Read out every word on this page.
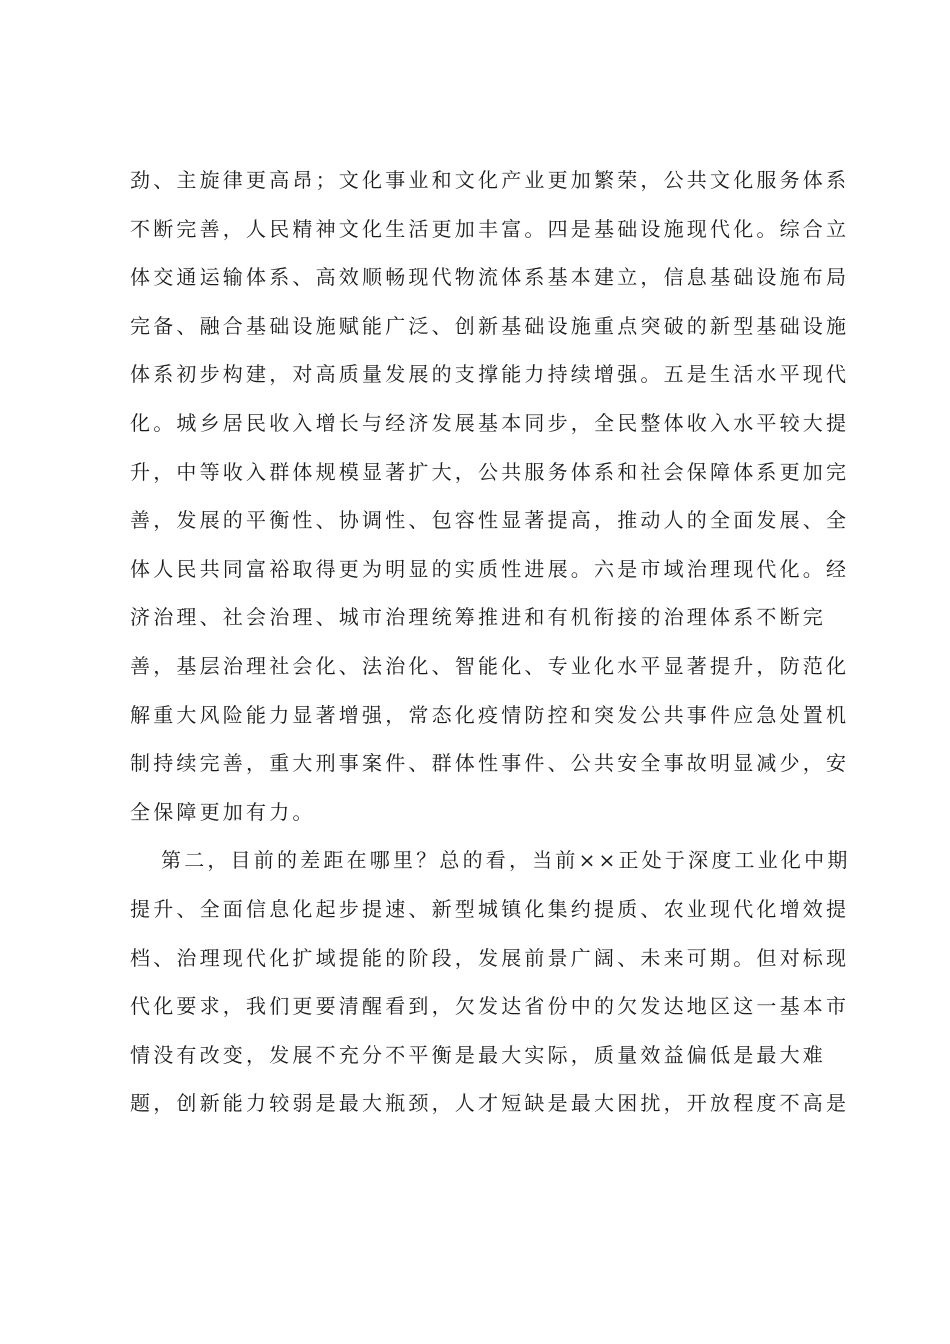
劲、主旋律更高昂；文化事业和文化产业更加繁荣，公共文化服务体系
不断完善，人民精神文化生活更加丰富。四是基础设施现代化。综合立
体交通运输体系、高效顺畅现代物流体系基本建立，信息基础设施布局
完备、融合基础设施赋能广泛、创新基础设施重点突破的新型基础设施
体系初步构建，对高质量发展的支撑能力持续增强。五是生活水平现代
化。城乡居民收入增长与经济发展基本同步，全民整体收入水平较大提
升，中等收入群体规模显著扩大，公共服务体系和社会保障体系更加完
善，发展的平衡性、协调性、包容性显著提高，推动人的全面发展、全
体人民共同富裕取得更为明显的实质性进展。六是市域治理现代化。经
济治理、社会治理、城市治理统筹推进和有机衔接的治理体系不断完
善，基层治理社会化、法治化、智能化、专业化水平显著提升，防范化
解重大风险能力显著增强，常态化疫情防控和突发公共事件应急处置机
制持续完善，重大刑事案件、群体性事件、公共安全事故明显减少，安
全保障更加有力。
第二，目前的差距在哪里？总的看，当前××正处于深度工业化中期
提升、全面信息化起步提速、新型城镇化集约提质、农业现代化增效提
档、治理现代化扩域提能的阶段，发展前景广阔、未来可期。但对标现
代化要求，我们更要清醒看到，欠发达省份中的欠发达地区这一基本市
情没有改变，发展不充分不平衡是最大实际，质量效益偏低是最大难
题，创新能力较弱是最大瓶颈，人才短缺是最大困扰，开放程度不高是
